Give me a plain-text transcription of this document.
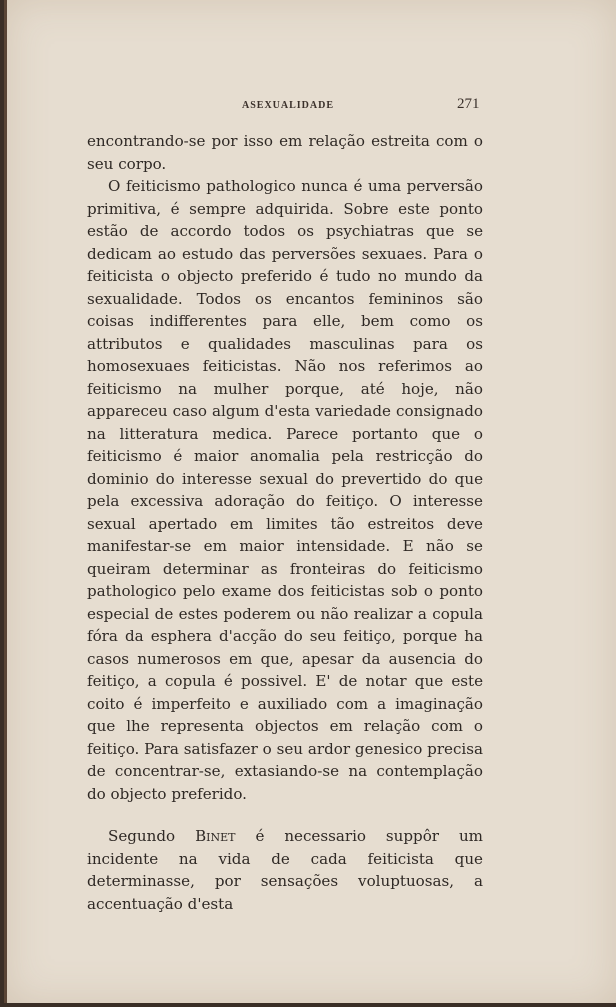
ASEXUALIDADE	271

encontrando-se por isso em relação estreita com o seu corpo.

O feiticismo pathologico nunca é uma perversão primitiva, é sempre adquirida. Sobre este ponto estão de accordo todos os psychiatras que se dedicam ao estudo das perversões sexuaes. Para o feiticista o objecto preferido é tudo no mundo da sexualidade. Todos os encantos femininos são coisas indifferentes para elle, bem como os attributos e qualidades masculinas para os homosexuaes feiticistas. Não nos referimos ao feiticismo na mulher porque, até hoje, não appareceu caso algum d'esta variedade consignado na litteratura medica. Parece portanto que o feiticismo é maior anomalia pela restricção do dominio do interesse sexual do prevertido do que pela excessiva adoração do feitiço. O interesse sexual apertado em limites tão estreitos deve manifestar-se em maior intensidade. E não se queiram determinar as fronteiras do feiticismo pathologico pelo exame dos feiticistas sob o ponto especial de estes poderem ou não realizar a copula fóra da esphera d'acção do seu feitiço, porque ha casos numerosos em que, apesar da ausencia do feitiço, a copula é possivel. E' de notar que este coito é imperfeito e auxiliado com a imaginação que lhe representa objectos em relação com o feitiço. Para satisfazer o seu ardor genesico precisa de concentrar-se, extasiando-se na contemplação do objecto preferido.

Segundo Binet é necessario suppôr um incidente na vida de cada feiticista que determinasse, por sensações voluptuosas, a accentuação d'esta
